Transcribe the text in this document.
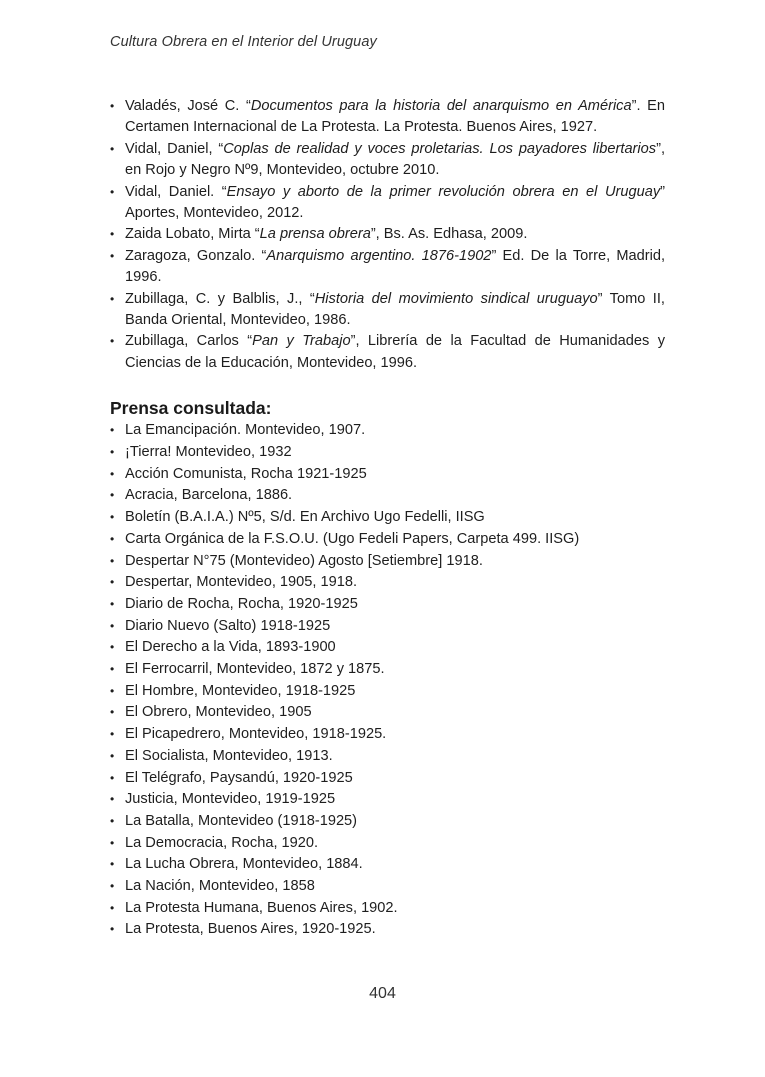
Cultura Obrera en el Interior del Uruguay
• Valadés, José C. “Documentos para la historia del anarquismo en América”. En Certamen Internacional de La Protesta. La Protesta. Buenos Aires, 1927.
• Vidal, Daniel, “Coplas de realidad y voces proletarias. Los payadores libertarios”, en Rojo y Negro Nº9, Montevideo, octubre 2010.
• Vidal, Daniel. “Ensayo y aborto de la primer revolución obrera en el Uruguay” Aportes, Montevideo, 2012.
• Zaida Lobato, Mirta “La prensa obrera”, Bs. As. Edhasa, 2009.
• Zaragoza, Gonzalo. “Anarquismo argentino. 1876-1902” Ed. De la Torre, Madrid, 1996.
• Zubillaga, C. y Balblis, J., “Historia del movimiento sindical uruguayo” Tomo II, Banda Oriental, Montevideo, 1986.
• Zubillaga, Carlos “Pan y Trabajo”, Librería de la Facultad de Humanidades y Ciencias de la Educación, Montevideo, 1996.
Prensa consultada:
• La Emancipación. Montevideo, 1907.
• ¡Tierra! Montevideo, 1932
• Acción Comunista, Rocha 1921-1925
• Acracia, Barcelona, 1886.
• Boletín (B.A.I.A.) Nº5, S/d. En Archivo Ugo Fedelli, IISG
• Carta Orgánica de la F.S.O.U. (Ugo Fedeli Papers, Carpeta 499. IISG)
• Despertar N°75 (Montevideo) Agosto [Setiembre] 1918.
• Despertar, Montevideo, 1905, 1918.
• Diario de Rocha, Rocha, 1920-1925
• Diario Nuevo (Salto) 1918-1925
• El Derecho a la Vida, 1893-1900
• El Ferrocarril, Montevideo, 1872 y 1875.
• El Hombre, Montevideo, 1918-1925
• El Obrero, Montevideo, 1905
• El Picapedrero, Montevideo, 1918-1925.
• El Socialista, Montevideo, 1913.
• El Telégrafo, Paysandú, 1920-1925
• Justicia, Montevideo, 1919-1925
• La Batalla, Montevideo (1918-1925)
• La Democracia, Rocha, 1920.
• La Lucha Obrera, Montevideo, 1884.
• La Nación, Montevideo, 1858
• La Protesta Humana, Buenos Aires, 1902.
• La Protesta, Buenos Aires, 1920-1925.
404
